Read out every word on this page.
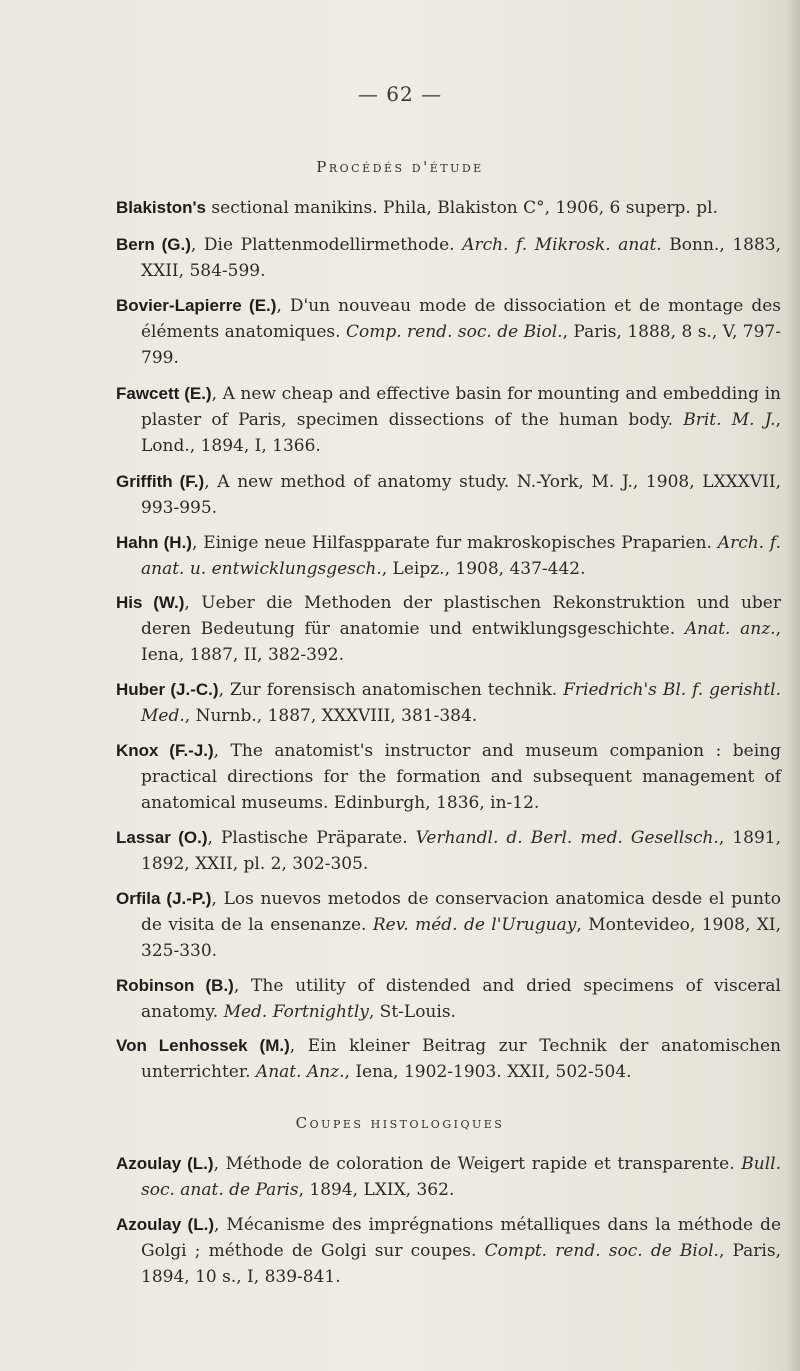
— 62 —
Procédés d'étude
Blakiston's sectional manikins. Phila, Blakiston C°, 1906, 6 superp. pl.
Bern (G.), Die Plattenmodellirmethode. Arch. f. Mikrosk. anat. Bonn., 1883, XXII, 584-599.
Bovier-Lapierre (E.), D'un nouveau mode de dissociation et de montage des éléments anatomiques. Comp. rend. soc. de Biol., Paris, 1888, 8 s., V, 797-799.
Fawcett (E.), A new cheap and effective basin for mounting and embedding in plaster of Paris, specimen dissections of the human body. Brit. M. J., Lond., 1894, I, 1366.
Griffith (F.), A new method of anatomy study. N.-York, M. J., 1908, LXXXVII, 993-995.
Hahn (H.), Einige neue Hilfaspparate fur makroskopisches Praparien. Arch. f. anat. u. entwicklungsgesch., Leipz., 1908, 437-442.
His (W.), Ueber die Methoden der plastischen Rekonstruktion und uber deren Bedeutung für anatomie und entwiklungsgeschichte. Anat. anz., Iena, 1887, II, 382-392.
Huber (J.-C.), Zur forensisch anatomischen technik. Friedrich's Bl. f. gerishtl. Med., Nurnb., 1887, XXXVIII, 381-384.
Knox (F.-J.), The anatomist's instructor and museum companion : being practical directions for the formation and subsequent management of anatomical museums. Edinburgh, 1836, in-12.
Lassar (O.), Plastische Präparate. Verhandl. d. Berl. med. Gesellsch., 1891, 1892, XXII, pl. 2, 302-305.
Orfila (J.-P.), Los nuevos metodos de conservacion anatomica desde el punto de visita de la ensenanze. Rev. méd. de l'Uruguay, Montevideo, 1908, XI, 325-330.
Robinson (B.), The utility of distended and dried specimens of visceral anatomy. Med. Fortnightly, St-Louis.
Von Lenhossek (M.), Ein kleiner Beitrag zur Technik der anatomischen unterrichter. Anat. Anz., Iena, 1902-1903. XXII, 502-504.
Azoulay (L.), Méthode de coloration de Weigert rapide et transparente. Bull. soc. anat. de Paris, 1894, LXIX, 362.
Azoulay (L.), Mécanisme des imprégnations métalliques dans la méthode de Golgi ; méthode de Golgi sur coupes. Compt. rend. soc. de Biol., Paris, 1894, 10 s., I, 839-841.
Coupes histologiques
